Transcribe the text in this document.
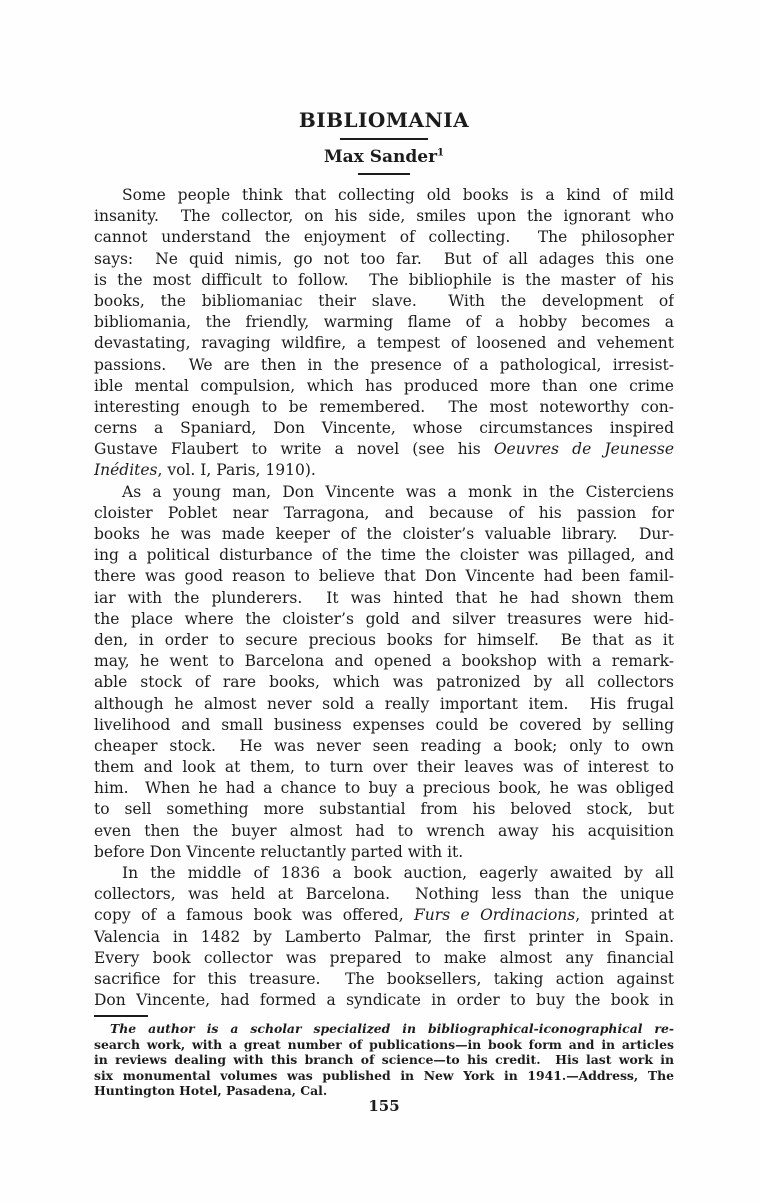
BIBLIOMANIA
Max Sander$^1$
Some people think that collecting old books is a kind of mild
insanity.  The collector, on his side, smiles upon the ignorant who
cannot understand the enjoyment of collecting.  The philosopher
says:  Ne quid nimis, go not too far.  But of all adages this one
is the most difficult to follow.  The bibliophile is the master of his
books, the bibliomaniac their slave.  With the development of
bibliomania, the friendly, warming flame of a hobby becomes a
devastating, ravaging wildfire, a tempest of loosened and vehement
passions.  We are then in the presence of a pathological, irresist-
ible mental compulsion, which has produced more than one crime
interesting enough to be remembered.  The most noteworthy con-
cerns a Spaniard, Don Vincente, whose circumstances inspired
Gustave Flaubert to write a novel (see his Oeuvres de Jeunesse
Inédites, vol. I, Paris, 1910).
As a young man, Don Vincente was a monk in the Cisterciens
cloister Poblet near Tarragona, and because of his passion for
books he was made keeper of the cloister’s valuable library.  Dur-
ing a political disturbance of the time the cloister was pillaged, and
there was good reason to believe that Don Vincente had been famil-
iar with the plunderers.  It was hinted that he had shown them
the place where the cloister’s gold and silver treasures were hid-
den, in order to secure precious books for himself.  Be that as it
may, he went to Barcelona and opened a bookshop with a remark-
able stock of rare books, which was patronized by all collectors
although he almost never sold a really important item.  His frugal
livelihood and small business expenses could be covered by selling
cheaper stock.  He was never seen reading a book; only to own
them and look at them, to turn over their leaves was of interest to
him.  When he had a chance to buy a precious book, he was obliged
to sell something more substantial from his beloved stock, but
even then the buyer almost had to wrench away his acquisition
before Don Vincente reluctantly parted with it.
In the middle of 1836 a book auction, eagerly awaited by all
collectors, was held at Barcelona.  Nothing less than the unique
copy of a famous book was offered, Furs e Ordinacions, printed at
Valencia in 1482 by Lamberto Palmar, the first printer in Spain.
Every book collector was prepared to make almost any financial
sacrifice for this treasure.  The booksellers, taking action against
Don Vincente, had formed a syndicate in order to buy the book in
The author is a scholar specialized in bibliographical-iconographical re-
search work, with a great number of publications—in book form and in articles
in reviews dealing with this branch of science—to his credit.  His last work in
six monumental volumes was published in New York in 1941.—Address, The
Huntington Hotel, Pasadena, Cal.
155
